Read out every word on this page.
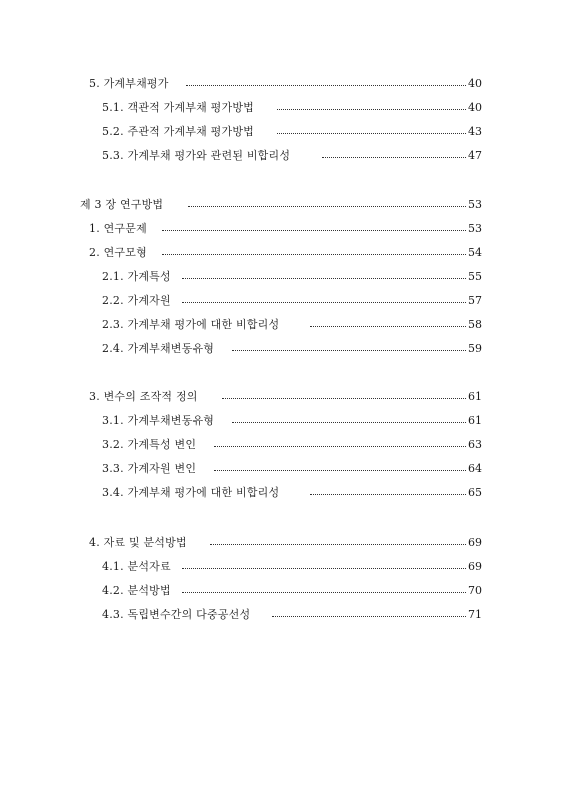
5. 가계부채평가	40
5.1. 객관적 가계부채 평가방법	40
5.2. 주관적 가계부채 평가방법	43
5.3. 가계부채 평가와 관련된 비합리성	47
제 3 장 연구방법	53
1. 연구문제	53
2. 연구모형	54
2.1. 가계특성	55
2.2. 가계자원	57
2.3. 가계부채 평가에 대한 비합리성	58
2.4. 가계부채변동유형	59
3. 변수의 조작적 정의	61
3.1. 가계부채변동유형	61
3.2. 가계특성 변인	63
3.3. 가계자원 변인	64
3.4. 가계부채 평가에 대한 비합리성	65
4. 자료 및 분석방법	69
4.1. 분석자료	69
4.2. 분석방법	70
4.3. 독립변수간의 다중공선성	71
